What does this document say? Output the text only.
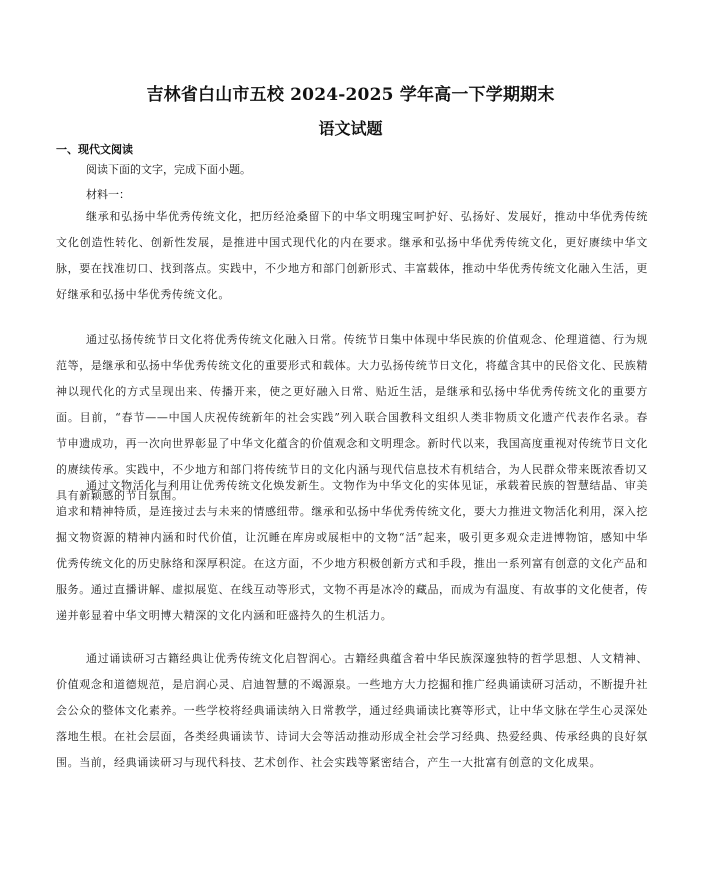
吉林省白山市五校 2024-2025 学年高一下学期期末
语文试题
一、现代文阅读
阅读下面的文字，完成下面小题。
材料一：

继承和弘扬中华优秀传统文化，把历经沧桑留下的中华文明瑰宝呵护好、弘扬好、发展好，推动中华优秀传统文化创造性转化、创新性发展，是推进中国式现代化的内在要求。继承和弘扬中华优秀传统文化，更好赓续中华文脉，要在找准切口、找到落点。实践中，不少地方和部门创新形式、丰富载体，推动中华优秀传统文化融入生活，更好继承和弘扬中华优秀传统文化。

通过弘扬传统节日文化将优秀传统文化融入日常。传统节日集中体现中华民族的价值观念、伦理道德、行为规范等，是继承和弘扬中华优秀传统文化的重要形式和载体。大力弘扬传统节日文化，将蕴含其中的民俗文化、民族精神以现代化的方式呈现出来、传播开来，使之更好融入日常、贴近生活，是继承和弘扬中华优秀传统文化的重要方面。目前，“春节——中国人庆祝传统新年的社会实践”列入联合国教科文组织人类非物质文化遗产代表作名录。春节申遗成功，再一次向世界彰显了中华文化蕴含的价值观念和文明理念。新时代以来，我国高度重视对传统节日文化的赓续传承。实践中，不少地方和部门将传统节日的文化内涵与现代信息技术有机结合，为人民群众带来既浓香切又具有新颖感的节日氛围。

通过文物活化与利用让优秀传统文化焕发新生。文物作为中华文化的实体见证，承载着民族的智慧结晶、审美追求和精神特质，是连接过去与未来的情感纽带。继承和弘扬中华优秀传统文化，要大力推进文物活化利用，深入挖掘文物资源的精神内涵和时代价值，让沉睡在库房或展柜中的文物“活”起来，吸引更多观众走进博物馆，感知中华优秀传统文化的历史脉络和深厚积淀。在这方面，不少地方积极创新方式和手段，推出一系列富有创意的文化产品和服务。通过直播讲解、虚拟展览、在线互动等形式，文物不再是冰冷的藏品，而成为有温度、有故事的文化使者，传递并彰显着中华文明博大精深的文化内涵和旺盛持久的生机活力。

通过诵读研习古籍经典让优秀传统文化启智润心。古籍经典蕴含着中华民族深邃独特的哲学思想、人文精神、价值观念和道德规范，是启润心灵、启迪智慧的不竭源泉。一些地方大力挖掘和推广经典诵读研习活动，不断提升社会公众的整体文化素养。一些学校将经典诵读纳入日常教学，通过经典诵读比赛等形式，让中华文脉在学生心灵深处落地生根。在社会层面，各类经典诵读节、诗词大会等活动推动形成全社会学习经典、热爱经典、传承经典的良好氛围。当前，经典诵读研习与现代科技、艺术创作、社会实践等紧密结合，产生一大批富有创意的文化成果。
